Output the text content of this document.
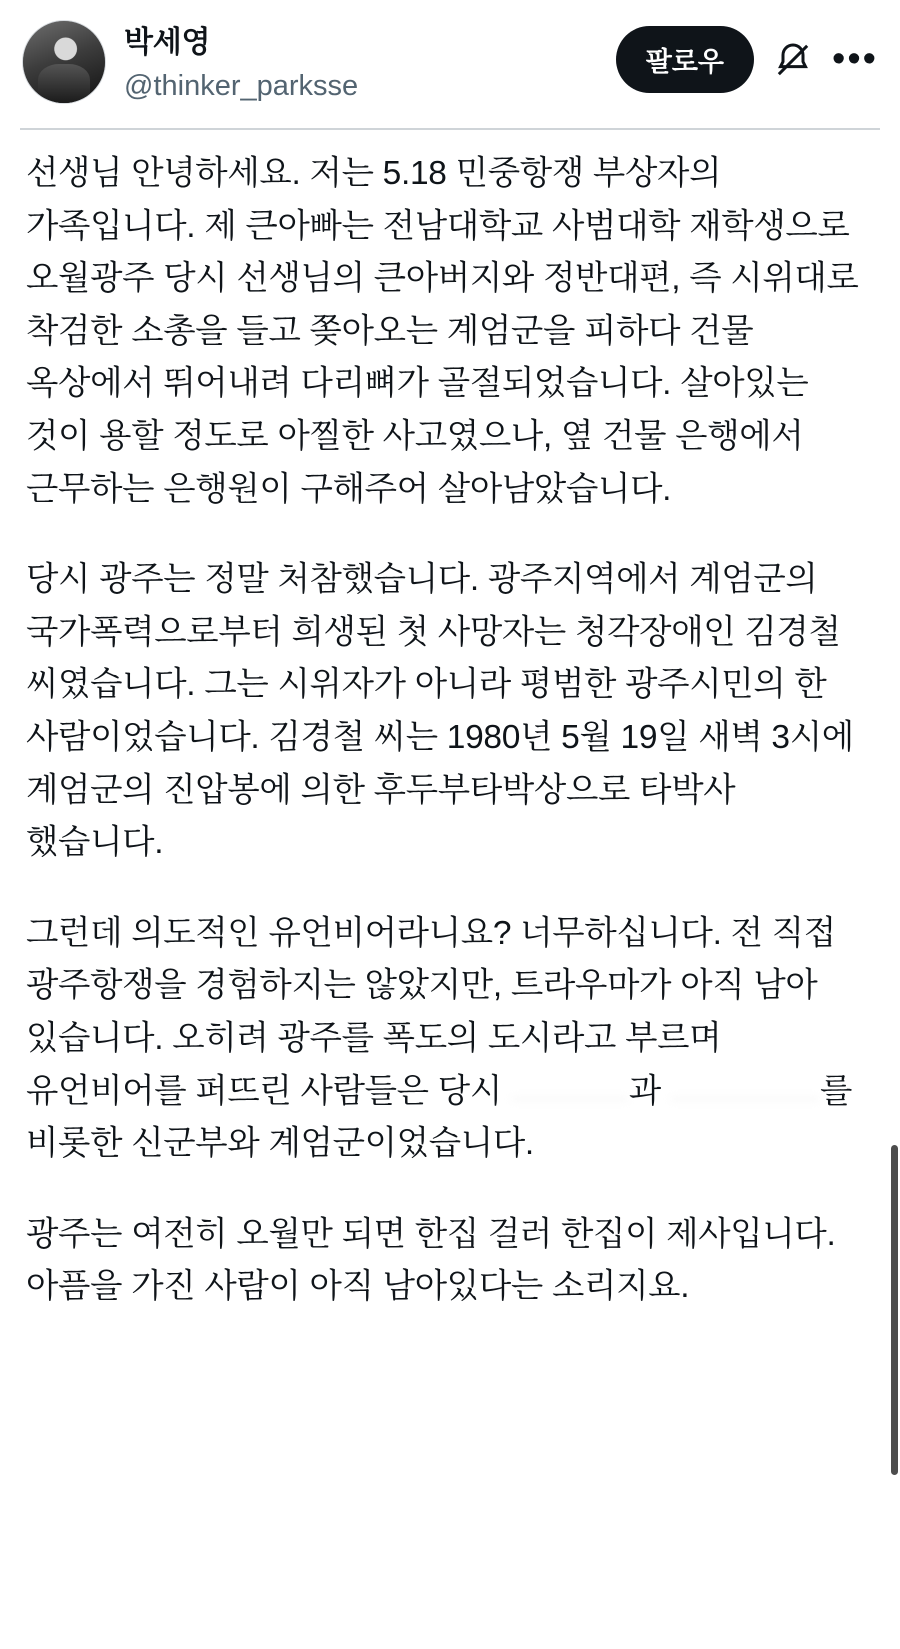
박세영
@thinker_parksse
팔로우	•••

선생님 안녕하세요. 저는 5.18 민중항쟁 부상자의 가족입니다. 제 큰아빠는 전남대학교 사범대학 재학생으로 오월광주 당시 선생님의 큰아버지와 정반대편, 즉 시위대로 착검한 소총을 들고 쫒아오는 계엄군을 피하다 건물 옥상에서 뛰어내려 다리뼈가 골절되었습니다. 살아있는 것이 용할 정도로 아찔한 사고였으나, 옆 건물 은행에서 근무하는 은행원이 구해주어 살아남았습니다.

당시 광주는 정말 처참했습니다. 광주지역에서 계엄군의 국가폭력으로부터 희생된 첫 사망자는 청각장애인 김경철 씨였습니다. 그는 시위자가 아니라 평범한 광주시민의 한 사람이었습니다. 김경철 씨는 1980년 5월 19일 새벽 3시에 계엄군의 진압봉에 의한 후두부타박상으로 타박사 했습니다.

그런데 의도적인 유언비어라니요? 너무하십니다. 전 직접 광주항쟁을 경험하지는 않았지만, 트라우마가 아직 남아 있습니다. 오히려 광주를 폭도의 도시라고 부르며 유언비어를 퍼뜨린 사람들은 당시	과	를 비롯한 신군부와 계엄군이었습니다.

광주는 여전히 오월만 되면 한집 걸러 한집이 제사입니다. 아픔을 가진 사람이 아직 남아있다는 소리지요.
